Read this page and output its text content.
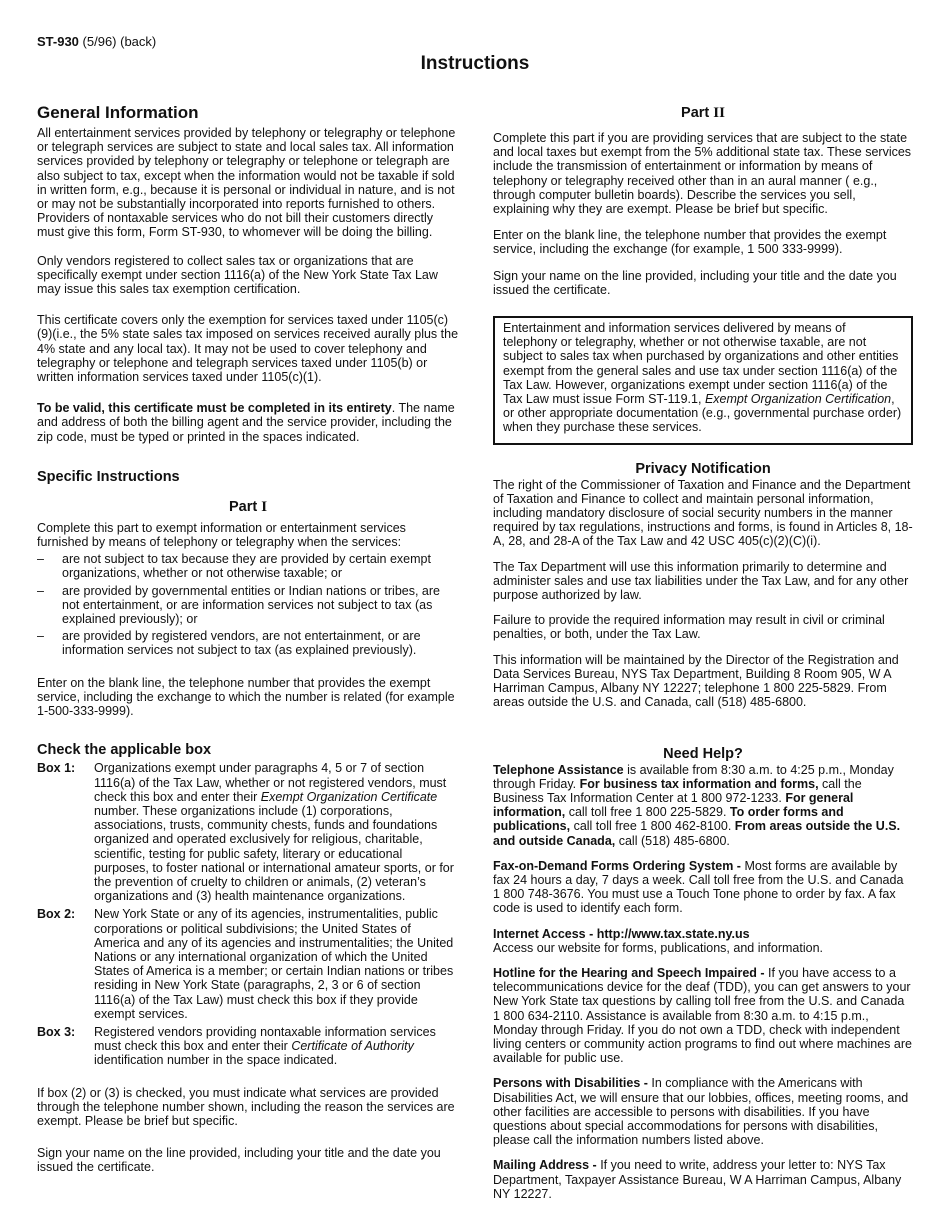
ST-930 (5/96) (back)
Instructions
General Information

All entertainment services provided by telephony or telegraphy or telephone or telegraph services are subject to state and local sales tax. All information services provided by telephony or telegraphy or telephone or telegraph are also subject to tax, except when the information would not be taxable if sold in written form, e.g., because it is personal or individual in nature, and is not or may not be substantially incorporated into reports furnished to others. Providers of nontaxable services who do not bill their customers directly must give this form, Form ST-930, to whomever will be doing the billing.

Only vendors registered to collect sales tax or organizations that are specifically exempt under section 1116(a) of the New York State Tax Law may issue this sales tax exemption certification.

This certificate covers only the exemption for services taxed under 1105(c)(9)(i.e., the 5% state sales tax imposed on services received aurally plus the 4% state and any local tax). It may not be used to cover telephony and telegraphy or telephone and telegraph services taxed under 1105(b) or written information services taxed under 1105(c)(1).

To be valid, this certificate must be completed in its entirety. The name and address of both the billing agent and the service provider, including the zip code, must be typed or printed in the spaces indicated.

Specific Instructions
Part I

Complete this part to exempt information or entertainment services furnished by means of telephony or telegraphy when the services:

–	are not subject to tax because they are provided by certain exempt organizations, whether or not otherwise taxable; or
–	are provided by governmental entities or Indian nations or tribes, are not entertainment, or are information services not subject to tax (as explained previously); or
–	are provided by registered vendors, are not entertainment, or are information services not subject to tax (as explained previously).

Enter on the blank line, the telephone number that provides the exempt service, including the exchange to which the number is related (for example 1-500-333-9999).

Check the applicable box
Box 1:	Organizations exempt under paragraphs 4, 5 or 7 of section 1116(a) of the Tax Law, whether or not registered vendors, must check this box and enter their Exempt Organization Certificate number. These organizations include (1) corporations, associations, trusts, community chests, funds and foundations organized and operated exclusively for religious, charitable, scientific, testing for public safety, literary or educational purposes, to foster national or international amateur sports, or for the prevention of cruelty to children or animals, (2) veteran’s organizations and (3) health maintenance organizations.
Box 2:	New York State or any of its agencies, instrumentalities, public corporations or political subdivisions; the United States of America and any of its agencies and instrumentalities; the United Nations or any international organization of which the United States of America is a member; or certain Indian nations or tribes residing in New York State (paragraphs, 2, 3 or 6 of section 1116(a) of the Tax Law) must check this box if they provide exempt services.
Box 3:	Registered vendors providing nontaxable information services must check this box and enter their Certificate of Authority identification number in the space indicated.

If box (2) or (3) is checked, you must indicate what services are provided through the telephone number shown, including the reason the services are exempt. Please be brief but specific.

Sign your name on the line provided, including your title and the date you issued the certificate.

Part II

Complete this part if you are providing services that are subject to the state and local taxes but exempt from the 5% additional state tax. These services include the transmission of entertainment or information by means of telephony or telegraphy received other than in an aural manner ( e.g., through computer bulletin boards). Describe the services you sell, explaining why they are exempt. Please be brief but specific.

Enter on the blank line, the telephone number that provides the exempt service, including the exchange (for example, 1 500 333-9999).

Sign your name on the line provided, including your title and the date you issued the certificate.

Entertainment and information services delivered by means of telephony or telegraphy, whether or not otherwise taxable, are not subject to sales tax when purchased by organizations and other entities exempt from the general sales and use tax under section 1116(a) of the Tax Law. However, organizations exempt under section 1116(a) of the Tax Law must issue Form ST-119.1, Exempt Organization Certification, or other appropriate documentation (e.g., governmental purchase order) when they purchase these services.

Privacy Notification

The right of the Commissioner of Taxation and Finance and the Department of Taxation and Finance to collect and maintain personal information, including mandatory disclosure of social security numbers in the manner required by tax regulations, instructions and forms, is found in Articles 8, 18-A, 28, and 28-A of the Tax Law and 42 USC 405(c)(2)(C)(i).

The Tax Department will use this information primarily to determine and administer sales and use tax liabilities under the Tax Law, and for any other purpose authorized by law.

Failure to provide the required information may result in civil or criminal penalties, or both, under the Tax Law.

This information will be maintained by the Director of the Registration and Data Services Bureau, NYS Tax Department, Building 8 Room 905, W A Harriman Campus, Albany NY 12227; telephone 1 800 225-5829. From areas outside the U.S. and Canada, call (518) 485-6800.

Need Help?

Telephone Assistance is available from 8:30 a.m. to 4:25 p.m., Monday through Friday. For business tax information and forms, call the Business Tax Information Center at 1 800 972-1233. For general information, call toll free 1 800 225-5829. To order forms and publications, call toll free 1 800 462-8100. From areas outside the U.S. and outside Canada, call (518) 485-6800.

Fax-on-Demand Forms Ordering System - Most forms are available by fax 24 hours a day, 7 days a week. Call toll free from the U.S. and Canada 1 800 748-3676. You must use a Touch Tone phone to order by fax. A fax code is used to identify each form.

Internet Access - http://www.tax.state.ny.us
Access our website for forms, publications, and information.

Hotline for the Hearing and Speech Impaired - If you have access to a telecommunications device for the deaf (TDD), you can get answers to your New York State tax questions by calling toll free from the U.S. and Canada 1 800 634-2110. Assistance is available from 8:30 a.m. to 4:15 p.m., Monday through Friday. If you do not own a TDD, check with independent living centers or community action programs to find out where machines are available for public use.

Persons with Disabilities - In compliance with the Americans with Disabilities Act, we will ensure that our lobbies, offices, meeting rooms, and other facilities are accessible to persons with disabilities. If you have questions about special accommodations for persons with disabilities, please call the information numbers listed above.

Mailing Address - If you need to write, address your letter to: NYS Tax Department, Taxpayer Assistance Bureau, W A Harriman Campus, Albany NY 12227.
